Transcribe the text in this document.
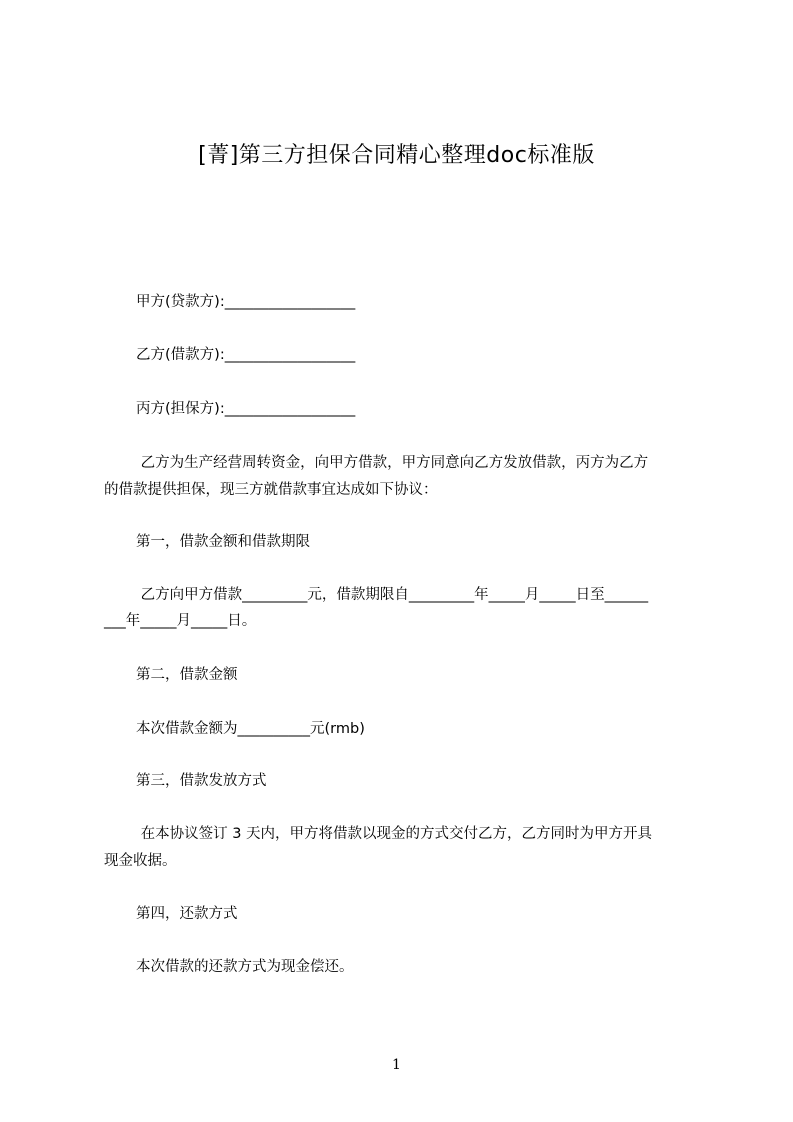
[菁]第三方担保合同精心整理doc标准版
甲方(贷款方):__________________
乙方(借款方):__________________
丙方(担保方):__________________
乙方为生产经营周转资金，向甲方借款，甲方同意向乙方发放借款，丙方为乙方
的借款提供担保，现三方就借款事宜达成如下协议：
第一，借款金额和借款期限
乙方向甲方借款_________元，借款期限自_________年_____月_____日至______
___年_____月_____日。
第二，借款金额
本次借款金额为__________元(rmb)
第三，借款发放方式
在本协议签订 3 天内，甲方将借款以现金的方式交付乙方，乙方同时为甲方开具
现金收据。
第四，还款方式
本次借款的还款方式为现金偿还。
1
